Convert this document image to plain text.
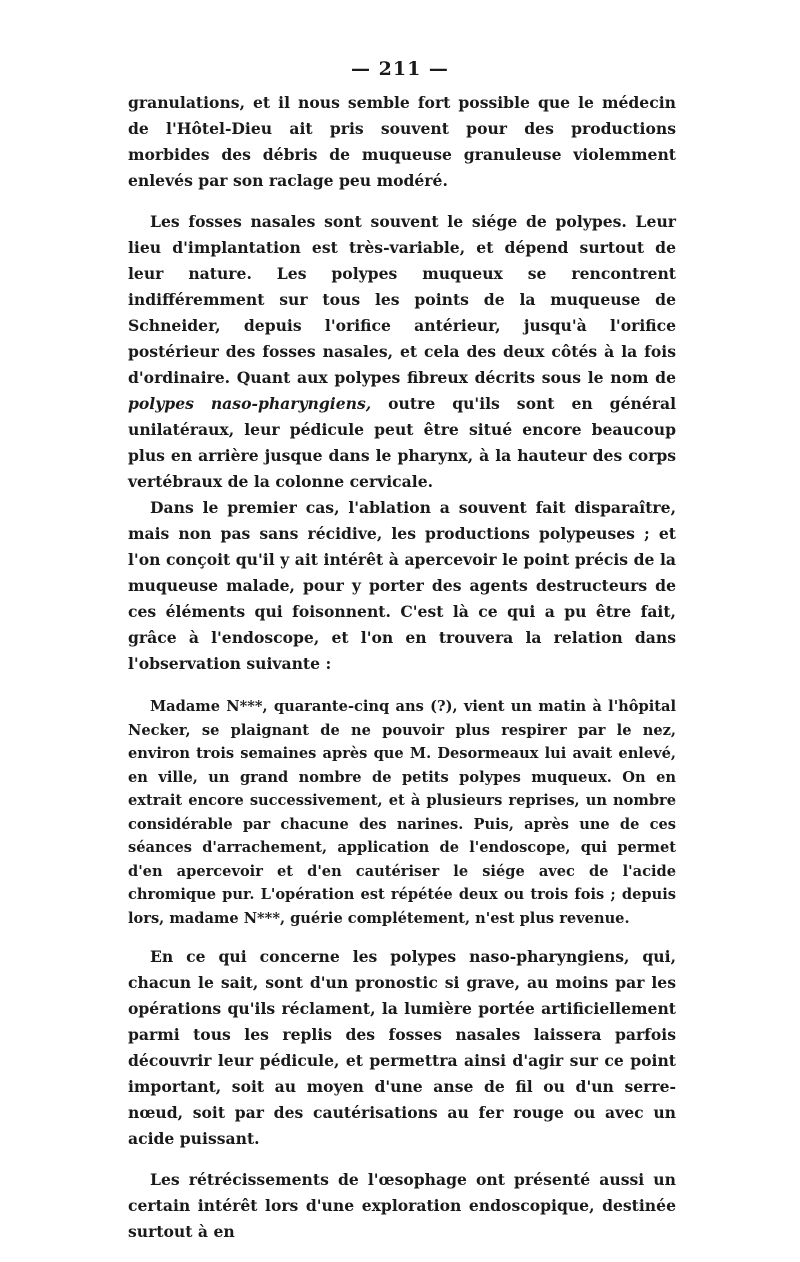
— 211 —

granulations, et il nous semble fort possible que le médecin de l'Hôtel-Dieu ait pris souvent pour des productions morbides des débris de muqueuse granuleuse violemment enlevés par son raclage peu modéré.

Les fosses nasales sont souvent le siége de polypes. Leur lieu d'implantation est très-variable, et dépend surtout de leur nature. Les polypes muqueux se rencontrent indifféremment sur tous les points de la muqueuse de Schneider, depuis l'orifice antérieur, jusqu'à l'orifice postérieur des fosses nasales, et cela des deux côtés à la fois d'ordinaire. Quant aux polypes fibreux décrits sous le nom de polypes naso-pharyngiens, outre qu'ils sont en général unilatéraux, leur pédicule peut être situé encore beaucoup plus en arrière jusque dans le pharynx, à la hauteur des corps vertébraux de la colonne cervicale.

Dans le premier cas, l'ablation a souvent fait disparaître, mais non pas sans récidive, les productions polypeuses ; et l'on conçoit qu'il y ait intérêt à apercevoir le point précis de la muqueuse malade, pour y porter des agents destructeurs de ces éléments qui foisonnent. C'est là ce qui a pu être fait, grâce à l'endoscope, et l'on en trouvera la relation dans l'observation suivante :

Madame N***, quarante-cinq ans (?), vient un matin à l'hôpital Necker, se plaignant de ne pouvoir plus respirer par le nez, environ trois semaines après que M. Desormeaux lui avait enlevé, en ville, un grand nombre de petits polypes muqueux. On en extrait encore successivement, et à plusieurs reprises, un nombre considérable par chacune des narines. Puis, après une de ces séances d'arrachement, application de l'endoscope, qui permet d'en apercevoir et d'en cautériser le siége avec de l'acide chromique pur. L'opération est répétée deux ou trois fois ; depuis lors, madame N***, guérie complétement, n'est plus revenue.

En ce qui concerne les polypes naso-pharyngiens, qui, chacun le sait, sont d'un pronostic si grave, au moins par les opérations qu'ils réclament, la lumière portée artificiellement parmi tous les replis des fosses nasales laissera parfois découvrir leur pédicule, et permettra ainsi d'agir sur ce point important, soit au moyen d'une anse de fil ou d'un serre-nœud, soit par des cautérisations au fer rouge ou avec un acide puissant.

Les rétrécissements de l'œsophage ont présenté aussi un certain intérêt lors d'une exploration endoscopique, destinée surtout à en
